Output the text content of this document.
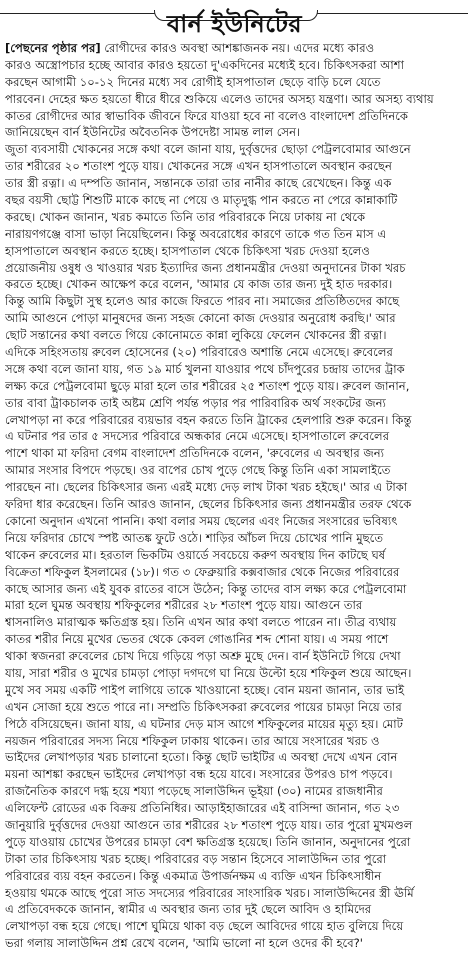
বার্ন ইউনিটের
[পেছনের পৃষ্ঠার পর] রোগীদের কারও অবস্থা আশঙ্কাজনক নয়। এদের মধ্যে কারও
কারও অস্ত্রোপচার হচ্ছে আবার কারও হয়তো দু'একদিনের মধ্যেই হবে। চিকিৎসকরা আশা
করছেন আগামী ১০-১২ দিনের মধ্যে সব রোগীই হাসপাতাল ছেড়ে বাড়ি চলে যেতে
পারবেন। দেহের ক্ষত হয়তো ধীরে ধীরে শুকিয়ে এলেও তাদের অসহ্য যন্ত্রণা। আর অসহ্য ব্যথায়
কাতর রোগীদের আর স্বাভাবিক জীবনে ফিরে যাওয়া হবে না বলেও বাংলাদেশ প্রতিদিনকে
জানিয়েছেন বার্ন ইউনিটের অবৈতনিক উপদেষ্টা সামন্ত লাল সেন।
জুতা ব্যবসায়ী খোকনের সঙ্গে কথা বলে জানা যায়, দুর্বৃত্তদের ছোড়া পেট্রলবোমার আগুনে
তার শরীরের ২০ শতাংশ পুড়ে যায়। খোকনের সঙ্গে এখন হাসপাতালে অবস্থান করছেন
তার স্ত্রী রত্না। এ দম্পতি জানান, সন্তানকে তারা তার নানীর কাছে রেখেছেন। কিন্তু এক
বছর বয়সী ছোট্ট শিশুটি মাকে কাছে না পেয়ে ও মাতৃদুগ্ধ পান করতে না পেরে কান্নাকাটি
করছে। খোকন জানান, খরচ কমাতে তিনি তার পরিবারকে নিয়ে ঢাকায় না থেকে
নারায়ণগঞ্জে বাসা ভাড়া নিয়েছিলেন। কিন্তু অবরোধের কারণে তাকে গত তিন মাস এ
হাসপাতালে অবস্থান করতে হচ্ছে। হাসপাতাল থেকে চিকিৎসা খরচ দেওয়া হলেও
প্রয়োজনীয় ওষুধ ও খাওয়ার খরচ ইত্যাদির জন্য প্রধানমন্ত্রীর দেওয়া অনুদানের টাকা খরচ
করতে হচ্ছে। খোকন আক্ষেপ করে বলেন, 'আমার যে কাজ তার জন্য দুই হাত দরকার।
কিন্তু আমি কিছুটা সুস্থ হলেও আর কাজে ফিরতে পারব না। সমাজের প্রতিষ্ঠিতদের কাছে
আমি আগুনে পোড়া মানুষদের জন্য সহজ কোনো কাজ দেওয়ার অনুরোধ করছি।' আর
ছোট সন্তানের কথা বলতে গিয়ে কোনোমতে কান্না লুকিয়ে ফেলেন খোকনের স্ত্রী রত্না।
এদিকে সহিংসতায় রুবেল হোসেনের (২০) পরিবারেও অশান্তি নেমে এসেছে। রুবেলের
সঙ্গে কথা বলে জানা যায়, গত ১৯ মার্চ খুলনা যাওয়ার পথে চাঁদপুরের চন্দ্রায় তাদের ট্রাক
লক্ষ্য করে পেট্রলবোমা ছুড়ে মারা হলে তার শরীরের ২৫ শতাংশ পুড়ে যায়। রুবেল জানান,
তার বাবা ট্রাকচালক তাই অষ্টম শ্রেণি পর্যন্ত পড়ার পর পারিবারিক অর্থ সংকটের জন্য
লেখাপড়া না করে পরিবারের ব্যয়ভার বহন করতে তিনি ট্রাকের হেলপারি শুরু করেন। কিন্তু
এ ঘটনার পর তার ৫ সদস্যের পরিবারে অন্ধকার নেমে এসেছে। হাসপাতালে রুবেলের
পাশে থাকা মা ফরিদা বেগম বাংলাদেশ প্রতিদিনকে বলেন, 'রুবেলের এ অবস্থার জন্য
আমার সংসার বিপদে পড়ছে। ওর বাপের চোখ পুড়ে গেছে কিন্তু তিনি একা সামলাইতে
পারছেন না। ছেলের চিকিৎসার জন্য এরই মধ্যে দেড় লাখ টাকা খরচ হইছে।' আর এ টাকা
ফরিদা ধার করেছেন। তিনি আরও জানান, ছেলের চিকিৎসার জন্য প্রধানমন্ত্রীর তরফ থেকে
কোনো অনুদান এখনো পাননি। কথা বলার সময় ছেলের এবং নিজের সংসারের ভবিষ্যৎ
নিয়ে ফরিদার চোখে স্পষ্ট আতঙ্ক ফুটে ওঠে। শাড়ির আঁচল দিয়ে চোখের পানি মুছতে
থাকেন রুবেলের মা। হরতাল ভিকটিম ওয়ার্ডে সবচেয়ে করুণ অবস্থায় দিন কাটছে ঘর্ষ
বিক্রেতা শফিকুল ইসলামের (১৮)। গত ৩ ফেব্রুয়ারি কক্সবাজার থেকে নিজের পরিবারের
কাছে আসার জন্য এই যুবক রাতের বাসে উঠেন; কিন্তু তাদের বাস লক্ষ্য করে পেট্রলবোমা
মারা হলে ঘুমন্ত অবস্থায় শফিকুলের শরীরের ২৮ শতাংশ পুড়ে যায়। আগুনে তার
শ্বাসনালিও মারাত্মক ক্ষতিগ্রস্ত হয়। তিনি এখন আর কথা বলতে পারেন না। তীব্র ব্যথায়
কাতর শরীর নিয়ে মুখের ভেতর থেকে কেবল গোঙানির শব্দ শোনা যায়। এ সময় পাশে
থাকা স্বজনরা রুবেলের চোখ দিয়ে গড়িয়ে পড়া অশ্রু মুছে দেন। বার্ন ইউনিটে গিয়ে দেখা
যায়, সারা শরীর ও মুখের চামড়া পোড়া দগদগে ঘা নিয়ে উল্টো হয়ে শফিকুল শুয়ে আছেন।
মুখে সব সময় একটি পাইপ লাগিয়ে তাকে খাওয়ানো হচ্ছে। বোন ময়না জানান, তার ভাই
এখন সোজা হয়ে শুতে পারে না। সম্প্রতি চিকিৎসকরা রুবেলের পায়ের চামড়া নিয়ে তার
পিঠে বসিয়েছেন। জানা যায়, এ ঘটনার দেড় মাস আগে শফিকুলের মায়ের মৃত্যু হয়। মোট
নয়জন পরিবারের সদস্য নিয়ে শফিকুল ঢাকায় থাকেন। তার আয়ে সংসারের খরচ ও
ভাইদের লেখাপড়ার খরচ চালানো হতো। কিন্তু ছোট ভাইটির এ অবস্থা দেখে এখন বোন
ময়না আশঙ্কা করছেন ভাইদের লেখাপড়া বন্ধ হয়ে যাবে। সংসারের উপরও চাপ পড়বে।
রাজনৈতিক কারণে দগ্ধ হয়ে শয্যা পড়েছে সালাউদ্দিন ভূইয়া (৩০) নামের রাজধানীর
এলিফেন্ট রোডের এক বিক্রয় প্রতিনিধির। আড়াইহাজারের এই বাসিন্দা জানান, গত ২৩
জানুয়ারি দুর্বৃত্তদের দেওয়া আগুনে তার শরীরের ২৮ শতাংশ পুড়ে যায়। তার পুরো মুখমণ্ডল
পুড়ে যাওয়ায় চোখের উপরের চামড়া বেশ ক্ষতিগ্রস্ত হয়েছে। তিনি জানান, অনুদানের পুরো
টাকা তার চিকিৎসায় খরচ হচ্ছে। পরিবারের বড় সন্তান হিসেবে সালাউদ্দিন তার পুরো
পরিবারের ব্যয় বহন করতেন। কিন্তু একমাত্র উপার্জনক্ষম এ ব্যক্তি এখন চিকিৎসাধীন
হওয়ায় থমকে আছে পুরো সাত সদস্যের পরিবারের সাংসারিক খরচ। সালাউদ্দিনের স্ত্রী ঊর্মি
এ প্রতিবেদককে জানান, স্বামীর এ অবস্থার জন্য তার দুই ছেলে আবিদ ও হামিদের
লেখাপড়া বন্ধ হয়ে গেছে। পাশে ঘুমিয়ে থাকা বড় ছেলে আবিদের গায়ে হাত বুলিয়ে দিয়ে
ভরা গলায় সালাউদ্দিন প্রশ্ন রেখে বলেন, 'আমি ভালো না হলে ওদের কী হবে?'
